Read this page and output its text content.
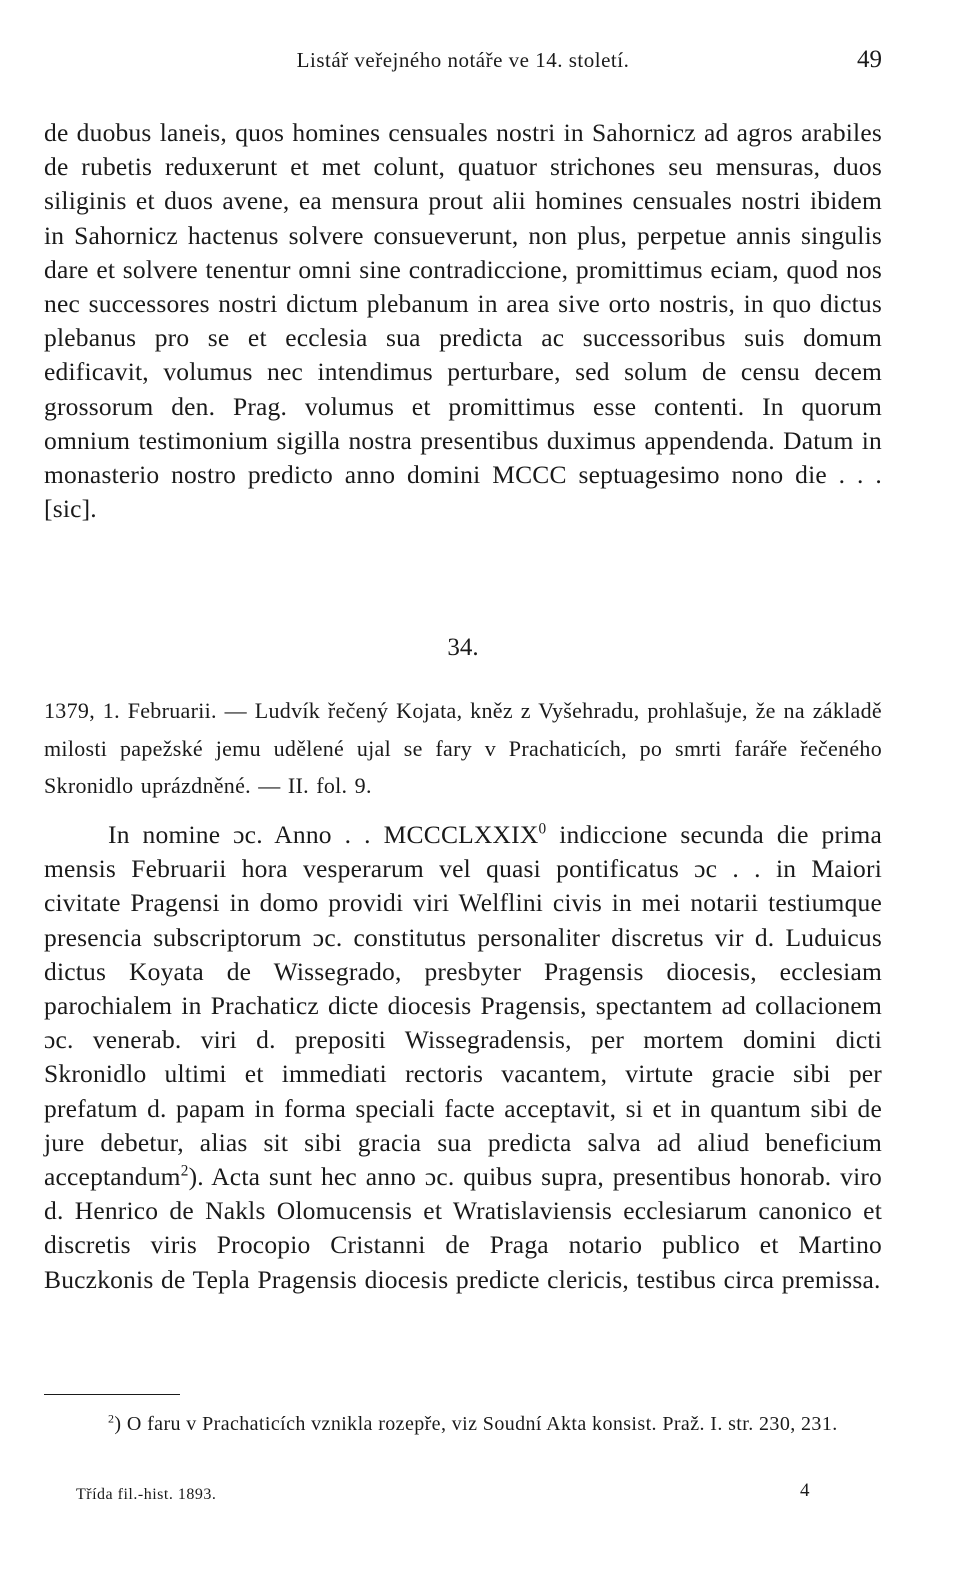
Listář veřejného notáře ve 14. století.	49

de duobus laneis, quos homines censuales nostri in Sahornicz ad agros arabiles de rubetis reduxerunt et met colunt, quatuor strichones seu mensuras, duos siliginis et duos avene, ea mensura prout alii homines censuales nostri ibidem in Sahornicz hactenus solvere consueverunt, non plus, perpetue annis singulis dare et solvere tenentur omni sine contradiccione, promittimus eciam, quod nos nec successores nostri dictum plebanum in area sive orto nostris, in quo dictus plebanus pro se et ecclesia sua predicta ac successoribus suis domum edificavit, volumus nec intendimus perturbare, sed solum de censu decem grossorum den. Prag. volumus et promittimus esse contenti. In quorum omnium testimonium sigilla nostra presentibus duximus appendenda. Datum in monasterio nostro predicto anno domini MCCC septuagesimo nono die . . . [sic].

34.

1379, 1. Februarii. — Ludvík řečený Kojata, kněz z Vyšehradu, prohlašuje, že na základě milosti papežské jemu udělené ujal se fary v Prachaticích, po smrti faráře řečeného Skronidlo uprázdněné. — II. fol. 9.

In nomine ɔc. Anno . . MCCCLXXIX$^0$ indiccione secunda die prima mensis Februarii hora vesperarum vel quasi pontificatus ɔc . . in Maiori civitate Pragensi in domo providi viri Welflini civis in mei notarii testiumque presencia subscriptorum ɔc. constitutus personaliter discretus vir d. Luduicus dictus Koyata de Wissegrado, presbyter Pragensis diocesis, ecclesiam parochialem in Prachaticz dicte diocesis Pragensis, spectantem ad collacionem ɔc. venerab. viri d. prepositi Wissegradensis, per mortem domini dicti Skronidlo ultimi et immediati rectoris vacantem, virtute gracie sibi per prefatum d. papam in forma speciali facte acceptavit, si et in quantum sibi de jure debetur, alias sit sibi gracia sua predicta salva ad aliud beneficium acceptandum$^2$). Acta sunt hec anno ɔc. quibus supra, presentibus honorab. viro d. Henrico de Nakls Olomucensis et Wratislaviensis ecclesiarum canonico et discretis viris Procopio Cristanni de Praga notario publico et Martino Buczkonis de Tepla Pragensis diocesis predicte clericis, testibus circa premissa.

$^2$) O faru v Prachaticích vznikla rozepře, viz Soudní Akta konsist. Praž. I. str. 230, 231.

Třída fil.-hist. 1893.	4
